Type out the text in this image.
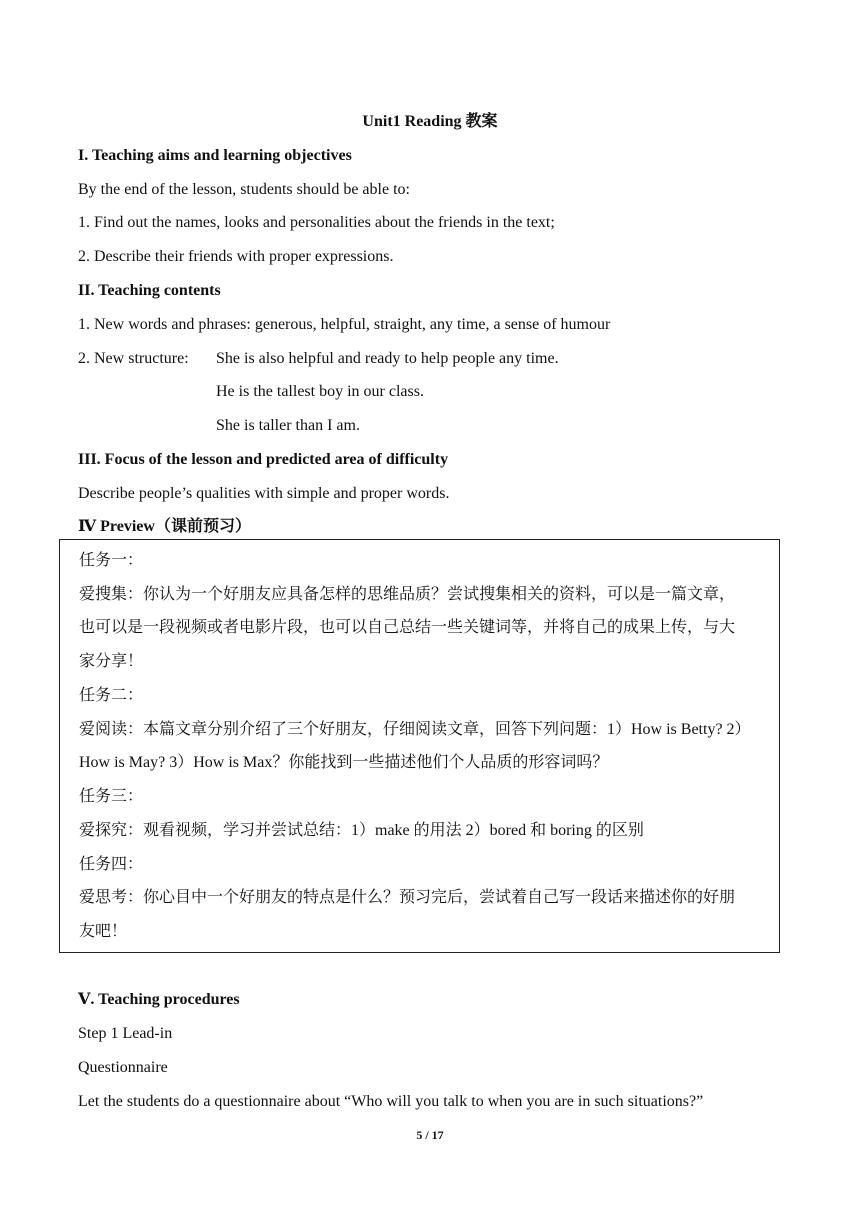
Unit1 Reading 教案
I. Teaching aims and learning objectives
By the end of the lesson, students should be able to:
1. Find out the names, looks and personalities about the friends in the text;
2. Describe their friends with proper expressions.
II. Teaching contents
1. New words and phrases: generous, helpful, straight, any time, a sense of humour
2. New structure: She is also helpful and ready to help people any time.
He is the tallest boy in our class.
She is taller than I am.
III. Focus of the lesson and predicted area of difficulty
Describe people’s qualities with simple and proper words.
Ⅳ Preview（课前预习）
任务一：
爱搜集：你认为一个好朋友应具备怎样的思维品质？尝试搜集相关的资料，可以是一篇文章，
也可以是一段视频或者电影片段，也可以自己总结一些关键词等，并将自己的成果上传，与大
家分享！
任务二：
爱阅读：本篇文章分别介绍了三个好朋友，仔细阅读文章，回答下列问题：1）How is Betty? 2）
How is May? 3）How is Max？你能找到一些描述他们个人品质的形容词吗？
任务三：
爱探究：观看视频，学习并尝试总结：1）make 的用法 2）bored 和 boring 的区别
任务四：
爱思考：你心目中一个好朋友的特点是什么？预习完后，尝试着自己写一段话来描述你的好朋
友吧！
Ⅴ. Teaching procedures
Step 1 Lead-in
Questionnaire
Let the students do a questionnaire about “Who will you talk to when you are in such situations?”
5 / 17
